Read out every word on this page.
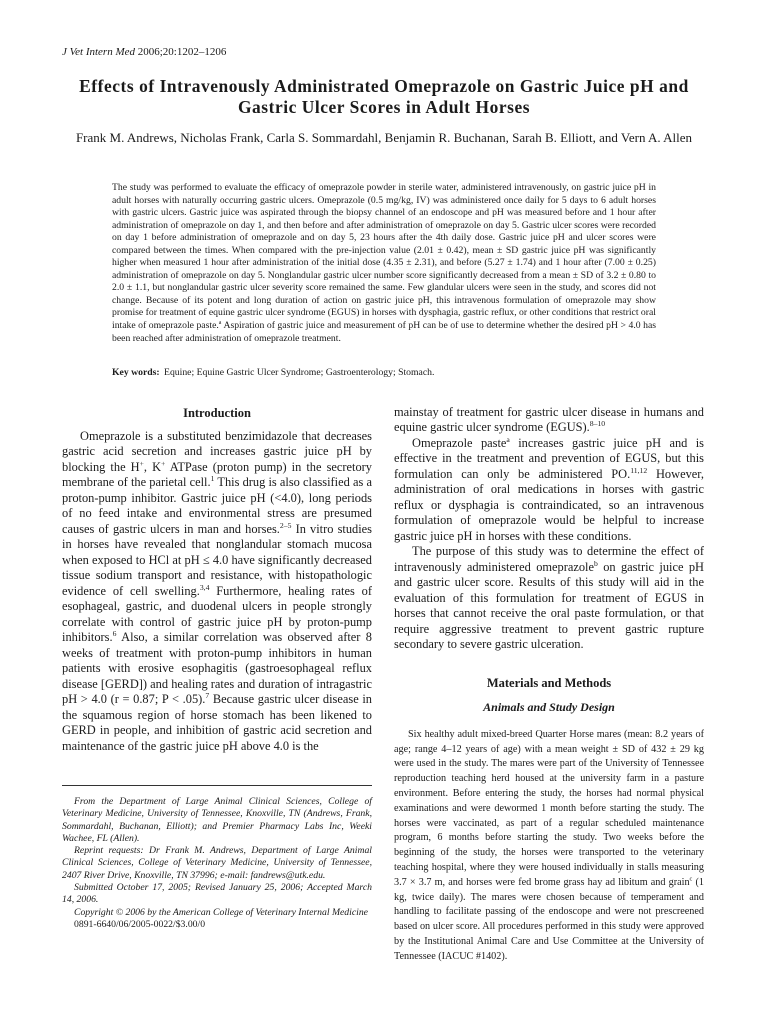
J Vet Intern Med 2006;20:1202–1206
Effects of Intravenously Administrated Omeprazole on Gastric Juice pH and Gastric Ulcer Scores in Adult Horses
Frank M. Andrews, Nicholas Frank, Carla S. Sommardahl, Benjamin R. Buchanan, Sarah B. Elliott, and Vern A. Allen
The study was performed to evaluate the efficacy of omeprazole powder in sterile water, administered intravenously, on gastric juice pH in adult horses with naturally occurring gastric ulcers. Omeprazole (0.5 mg/kg, IV) was administered once daily for 5 days to 6 adult horses with gastric ulcers. Gastric juice was aspirated through the biopsy channel of an endoscope and pH was measured before and 1 hour after administration of omeprazole on day 1, and then before and after administration of omeprazole on day 5. Gastric ulcer scores were recorded on day 1 before administration of omeprazole and on day 5, 23 hours after the 4th daily dose. Gastric juice pH and ulcer scores were compared between the times. When compared with the pre-injection value (2.01 ± 0.42), mean ± SD gastric juice pH was significantly higher when measured 1 hour after administration of the initial dose (4.35 ± 2.31), and before (5.27 ± 1.74) and 1 hour after (7.00 ± 0.25) administration of omeprazole on day 5. Nonglandular gastric ulcer number score significantly decreased from a mean ± SD of 3.2 ± 0.80 to 2.0 ± 1.1, but nonglandular gastric ulcer severity score remained the same. Few glandular ulcers were seen in the study, and scores did not change. Because of its potent and long duration of action on gastric juice pH, this intravenous formulation of omeprazole may show promise for treatment of equine gastric ulcer syndrome (EGUS) in horses with dysphagia, gastric reflux, or other conditions that restrict oral intake of omeprazole paste.$^a$ Aspiration of gastric juice and measurement of pH can be of use to determine whether the desired pH > 4.0 has been reached after administration of omeprazole treatment.
Key words: Equine; Equine Gastric Ulcer Syndrome; Gastroenterology; Stomach.
Introduction

Omeprazole is a substituted benzimidazole that decreases gastric acid secretion and increases gastric juice pH by blocking the H+, K+ ATPase (proton pump) in the secretory membrane of the parietal cell.$^1$ This drug is also classified as a proton-pump inhibitor. Gastric juice pH (<4.0), long periods of no feed intake and environmental stress are presumed causes of gastric ulcers in man and horses.$^{2-5}$ In vitro studies in horses have revealed that nonglandular stomach mucosa when exposed to HCl at pH ≤ 4.0 have significantly decreased tissue sodium transport and resistance, with histopathologic evidence of cell swelling.$^{3,4}$ Furthermore, healing rates of esophageal, gastric, and duodenal ulcers in people strongly correlate with control of gastric juice pH by proton-pump inhibitors.$^6$ Also, a similar correlation was observed after 8 weeks of treatment with proton-pump inhibitors in human patients with erosive esophagitis (gastroesophageal reflux disease [GERD]) and healing rates and duration of intragastric pH > 4.0 (r = 0.87; P < .05).$^7$ Because gastric ulcer disease in the squamous region of horse stomach has been likened to GERD in people, and inhibition of gastric acid secretion and maintenance of the gastric juice pH above 4.0 is the

From the Department of Large Animal Clinical Sciences, College of Veterinary Medicine, University of Tennessee, Knoxville, TN (Andrews, Frank, Sommardahl, Buchanan, Elliott); and Premier Pharmacy Labs Inc, Weeki Wachee, FL (Allen).

Reprint requests: Dr Frank M. Andrews, Department of Large Animal Clinical Sciences, College of Veterinary Medicine, University of Tennessee, 2407 River Drive, Knoxville, TN 37996; e-mail: fandrews@utk.edu.

Submitted October 17, 2005; Revised January 25, 2006; Accepted March 14, 2006.

Copyright © 2006 by the American College of Veterinary Internal Medicine

0891-6640/06/2005-0022/$3.00/0

mainstay of treatment for gastric ulcer disease in humans and equine gastric ulcer syndrome (EGUS).$^{8-10}$

Omeprazole paste$^a$ increases gastric juice pH and is effective in the treatment and prevention of EGUS, but this formulation can only be administered PO.$^{11,12}$ However, administration of oral medications in horses with gastric reflux or dysphagia is contraindicated, so an intravenous formulation of omeprazole would be helpful to increase gastric juice pH in horses with these conditions.

The purpose of this study was to determine the effect of intravenously administered omeprazole$^b$ on gastric juice pH and gastric ulcer score. Results of this study will aid in the evaluation of this formulation for treatment of EGUS in horses that cannot receive the oral paste formulation, or that require aggressive treatment to prevent gastric rupture secondary to severe gastric ulceration.

Materials and Methods
Animals and Study Design

Six healthy adult mixed-breed Quarter Horse mares (mean: 8.2 years of age; range 4–12 years of age) with a mean weight ± SD of 432 ± 29 kg were used in the study. The mares were part of the University of Tennessee reproduction teaching herd housed at the university farm in a pasture environment. Before entering the study, the horses had normal physical examinations and were dewormed 1 month before starting the study. The horses were vaccinated, as part of a regular scheduled maintenance program, 6 months before starting the study. Two weeks before the beginning of the study, the horses were transported to the veterinary teaching hospital, where they were housed individually in stalls measuring 3.7 × 3.7 m, and horses were fed brome grass hay ad libitum and grain$^c$ (1 kg, twice daily). The mares were chosen because of temperament and handling to facilitate passing of the endoscope and were not prescreened based on ulcer score. All procedures performed in this study were approved by the Institutional Animal Care and Use Committee at the University of Tennessee (IACUC #1402).
